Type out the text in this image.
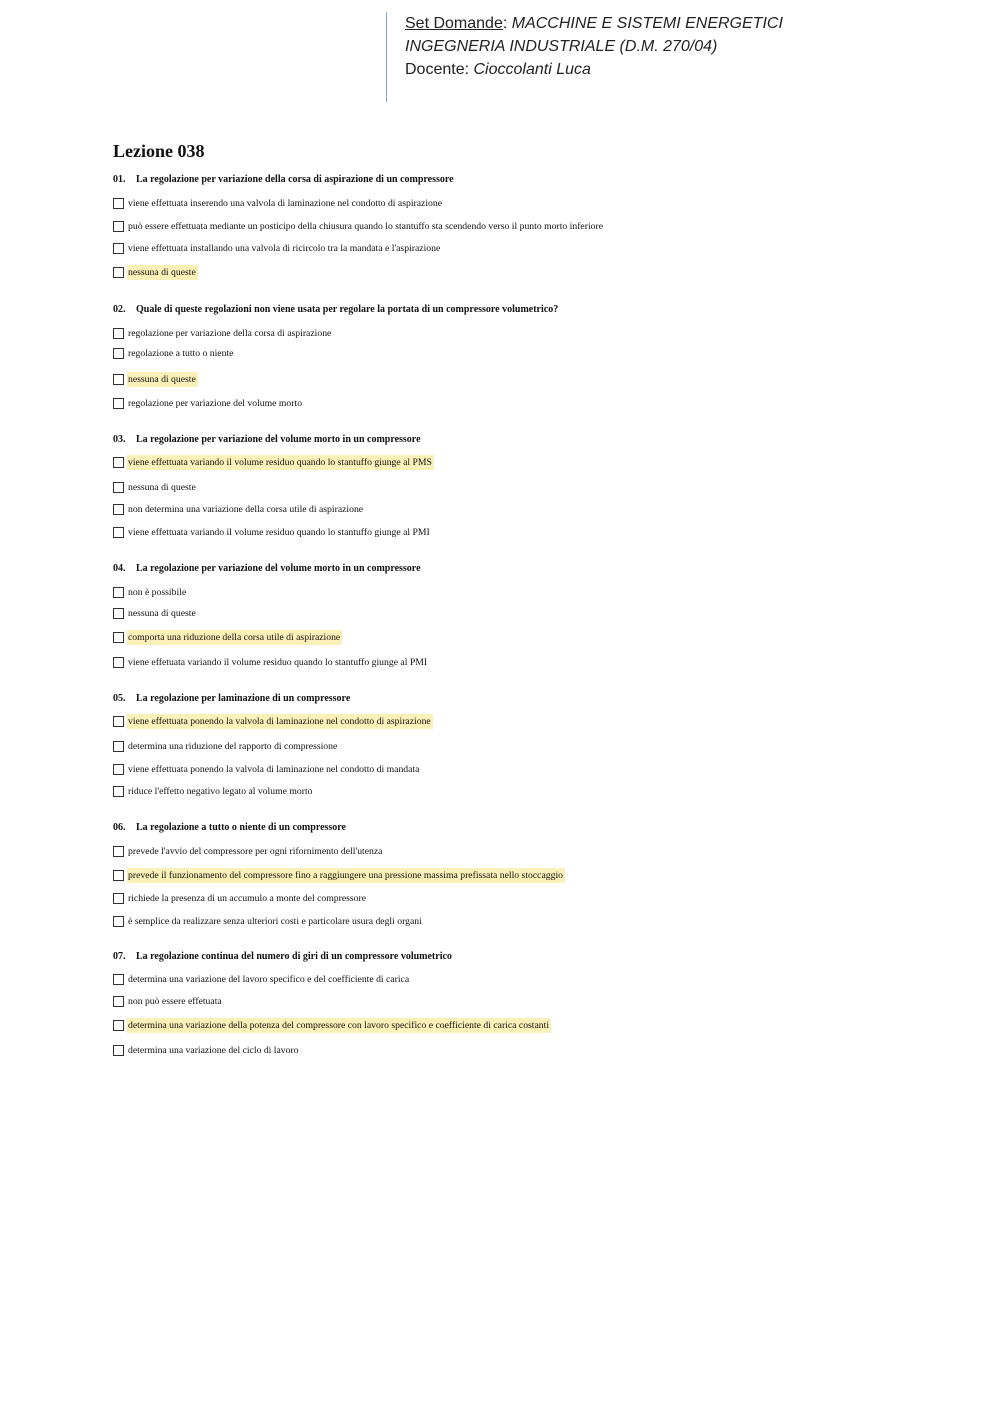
Set Domande: MACCHINE E SISTEMI ENERGETICI
INGEGNERIA INDUSTRIALE (D.M. 270/04)
Docente: Cioccolanti Luca
Lezione 038
01. La regolazione per variazione della corsa di aspirazione di un compressore
viene effettuata inserendo una valvola di laminazione nel condotto di aspirazione
può essere effettuata mediante un posticipo della chiusura quando lo stantuffo sta scendendo verso il punto morto inferiore
viene effettuata installando una valvola di ricircolo tra la mandata e l'aspirazione
nessuna di queste
02. Quale di queste regolazioni non viene usata per regolare la portata di un compressore volumetrico?
regolazione per variazione della corsa di aspirazione
regolazione a tutto o niente
nessuna di queste
regolazione per variazione del volume morto
03. La regolazione per variazione del volume morto in un compressore
viene effettuata variando il volume residuo quando lo stantuffo giunge al PMS
nessuna di queste
non determina una variazione della corsa utile di aspirazione
viene effettuata variando il volume residuo quando lo stantuffo giunge al PMI
04. La regolazione per variazione del volume morto in un compressore
non è possibile
nessuna di queste
comporta una riduzione della corsa utile di aspirazione
viene effetuata variando il volume residuo quando lo stantuffo giunge al PMI
05. La regolazione per laminazione di un compressore
viene effettuata ponendo la valvola di laminazione nel condotto di aspirazione
determina una riduzione del rapporto di compressione
viene effettuata ponendo la valvola di laminazione nel condotto di mandata
riduce l'effetto negativo legato al volume morto
06. La regolazione a tutto o niente di un compressore
prevede l'avvio del compressore per ogni rifornimento dell'utenza
prevede il funzionamento del compressore fino a raggiungere una pressione massima prefissata nello stoccaggio
richiede la presenza di un accumulo a monte del compressore
è semplice da realizzare senza ulteriori costi e particolare usura degli organi
07. La regolazione continua del numero di giri di un compressore volumetrico
determina una variazione del lavoro specifico e del coefficiente di carica
non può essere effetuata
determina una variazione della potenza del compressore con lavoro specifico e coefficiente di carica costanti
determina una variazione del ciclo di lavoro
